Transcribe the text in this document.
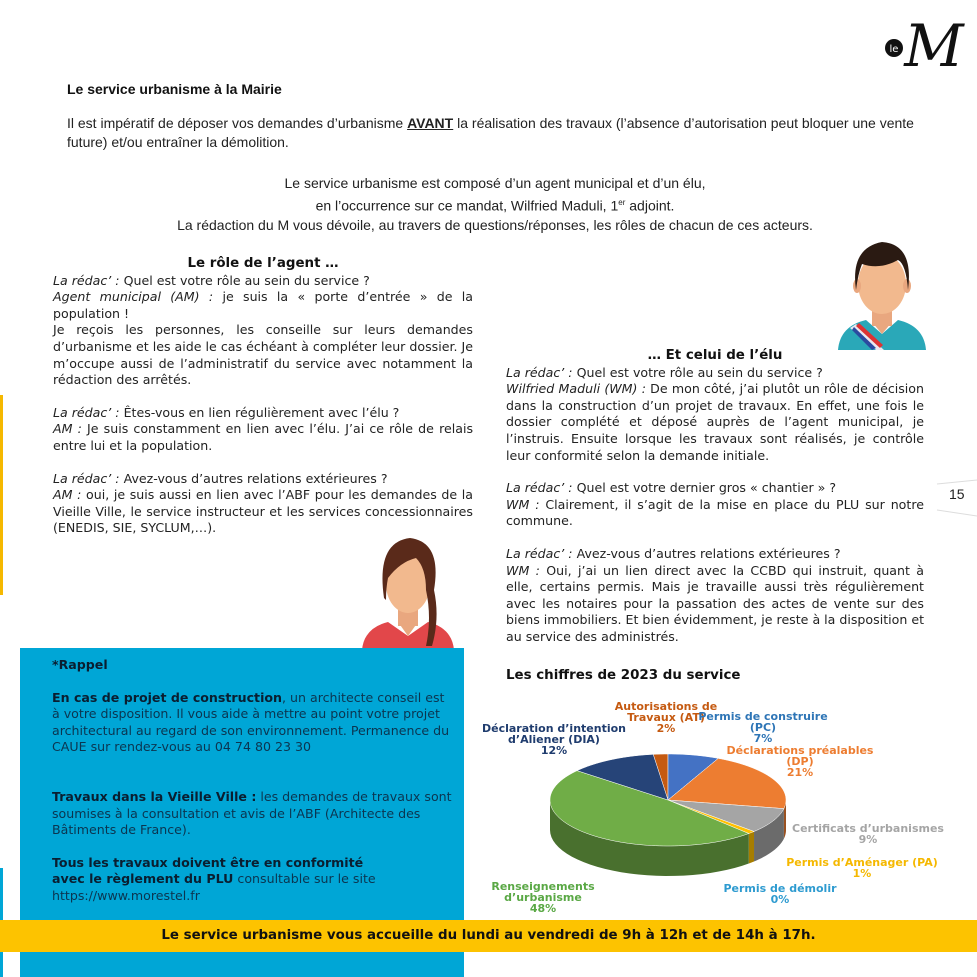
le M
Le service urbanisme à la Mairie
Il est impératif de déposer vos demandes d’urbanisme AVANT la réalisation des travaux (l’absence d’autorisation peut bloquer une vente future) et/ou entraîner la démolition.
Le service urbanisme est composé d’un agent municipal et d’un élu,
en l’occurrence sur ce mandat, Wilfried Maduli, 1er adjoint.
La rédaction du M vous dévoile, au travers de questions/réponses, les rôles de chacun de ces acteurs.
Le rôle de l’agent …

La rédac’ : Quel est votre rôle au sein du service ?

Agent municipal (AM) : je suis la « porte d’entrée » de la population !

Je reçois les personnes, les conseille sur leurs demandes d’urbanisme et les aide le cas échéant à compléter leur dossier. Je m’occupe aussi de l’administratif du service avec notamment la rédaction des arrêtés.

La rédac’ : Êtes-vous en lien régulièrement avec l’élu ?

AM : Je suis constamment en lien avec l’élu. J’ai ce rôle de relais entre lui et la population.

La rédac’ : Avez-vous d’autres relations extérieures ?

AM : oui, je suis aussi en lien avec l’ABF pour les demandes de la Vieille Ville, le service instructeur et les services concessionnaires (ENEDIS, SIE, SYCLUM,…).

… Et celui de l’élu

La rédac’ : Quel est votre rôle au sein du service ?

Wilfried Maduli (WM) : De mon côté, j’ai plutôt un rôle de décision dans la construction d’un projet de travaux. En effet, une fois le dossier complété et déposé auprès de l’agent municipal, je l’instruis. Ensuite lorsque les travaux sont réalisés, je contrôle leur conformité selon la demande initiale.

La rédac’ : Quel est votre dernier gros « chantier » ?

WM : Clairement, il s’agit de la mise en place du PLU sur notre commune.

La rédac’ : Avez-vous d’autres relations extérieures ?

WM : Oui, j’ai un lien direct avec la CCBD qui instruit, quant à elle, certains permis. Mais je travaille aussi très régulièrement avec les notaires pour la passation des actes de vente sur des biens immobiliers. Et bien évidemment, je reste à la disposition et au service des administrés.

15
Les chiffres de 2023 du service
*Rappel
En cas de projet de construction, un architecte conseil est à votre disposition. Il vous aide à mettre au point votre projet architectural au regard de son environnement. Permanence du CAUE sur rendez-vous au 04 74 80 23 30
Travaux dans la Vieille Ville : les demandes de travaux sont soumises à la consultation et avis de l’ABF (Architecte des Bâtiments de France).
Tous les travaux doivent être en conformité
avec le règlement du PLU consultable sur le site
https://www.morestel.fr
Autorisations de
Travaux (AT)
2%
Permis de construire
(PC)
7%
Déclarations préalables
(DP)
21%
Certificats d’urbanismes
9%
Permis d’Aménager (PA)
1%
Permis de démolir
0%
Renseignements
d’urbanisme
48%
Déclaration d’intention
d’Aliener (DIA)
12%
Le service urbanisme vous accueille du lundi au vendredi de 9h à 12h et de 14h à 17h.
